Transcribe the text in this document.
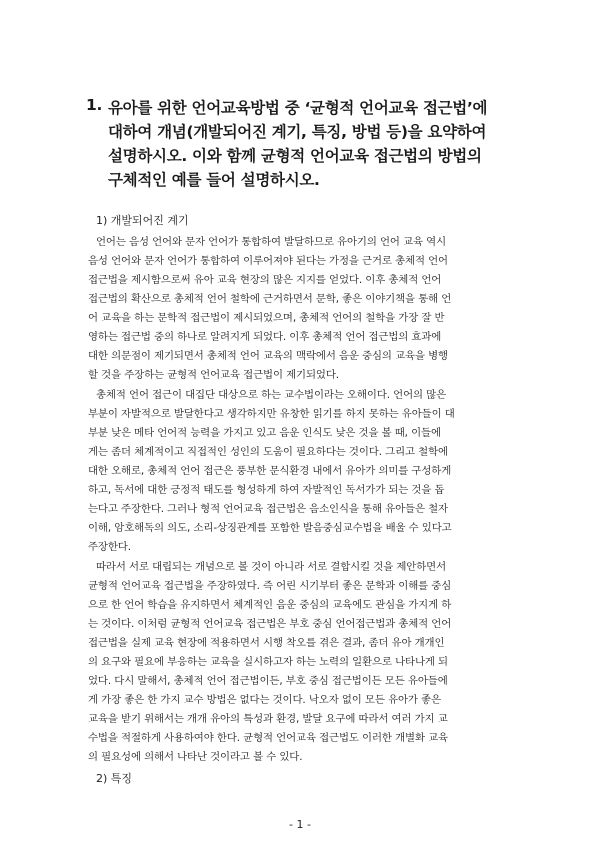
1. 유아를 위한 언어교육방법 중 ‘균형적 언어교육 접근법’에
대하여 개념(개발되어진 계기, 특징, 방법 등)을 요약하여
설명하시오. 이와 함께 균형적 언어교육 접근법의 방법의
구체적인 예를 들어 설명하시오.
1) 개발되어진 계기
언어는 음성 언어와 문자 언어가 통합하여 발달하므로 유아기의 언어 교육 역시
음성 언어와 문자 언어가 통합하여 이루어져야 된다는 가정을 근거로 총체적 언어
접근법을 제시함으로써 유아 교육 현장의 많은 지지를 얻었다. 이후 총체적 언어
접근법의 확산으로 총체적 언어 철학에 근거하면서 문학, 좋은 이야기책을 통해 언
어 교육을 하는 문학적 접근법이 제시되었으며, 총체적 언어의 철학을 가장 잘 반
영하는 접근법 중의 하나로 알려지게 되었다. 이후 총체적 언어 접근법의 효과에
대한 의문점이 제기되면서 총체적 언어 교육의 맥락에서 음운 중심의 교육을 병행
할 것을 주장하는 균형적 언어교육 접근법이 제기되었다.
총체적 언어 접근이 대집단 대상으로 하는 교수법이라는 오해이다. 언어의 많은
부분이 자발적으로 발달한다고 생각하지만 유창한 읽기를 하지 못하는 유아들이 대
부분 낮은 메타 언어적 능력을 가지고 있고 음운 인식도 낮은 것을 볼 때, 이들에
게는 좀더 체계적이고 직접적인 성인의 도움이 필요하다는 것이다. 그리고 철학에
대한 오해로, 총체적 언어 접근은 풍부한 문식환경 내에서 유아가 의미를 구성하게
하고, 독서에 대한 긍정적 태도를 형성하게 하여 자발적인 독서가가 되는 것을 돕
는다고 주장한다. 그러나 형적 언어교육 접근법은 음소인식을 통해 유아들은 철자
이해, 암호해독의 의도, 소리-상징관계를 포함한 발음중심교수법을 배울 수 있다고
주장한다.
따라서 서로 대립되는 개념으로 볼 것이 아니라 서로 결합시킬 것을 제안하면서
균형적 언어교육 접근법을 주장하였다. 즉 어린 시기부터 좋은 문학과 이해를 중심
으로 한 언어 학습을 유지하면서 체계적인 음운 중심의 교육에도 관심을 가지게 하
는 것이다. 이처럼 균형적 언어교육 접근법은 부호 중심 언어접근법과 총체적 언어
접근법을 실제 교육 현장에 적용하면서 시행 착오를 겪은 결과, 좀더 유아 개개인
의 요구와 필요에 부응하는 교육을 실시하고자 하는 노력의 일환으로 나타나게 되
었다. 다시 말해서, 총체적 언어 접근법이든, 부호 중심 접근법이든 모든 유아들에
게 가장 좋은 한 가지 교수 방법은 없다는 것이다. 낙오자 없이 모든 유아가 좋은
교육을 받기 위해서는 개개 유아의 특성과 환경, 발달 요구에 따라서 여러 가지 교
수법을 적절하게 사용하여야 한다. 균형적 언어교육 접근법도 이러한 개별화 교육
의 필요성에 의해서 나타난 것이라고 볼 수 있다.
2) 특징
- 1 -
